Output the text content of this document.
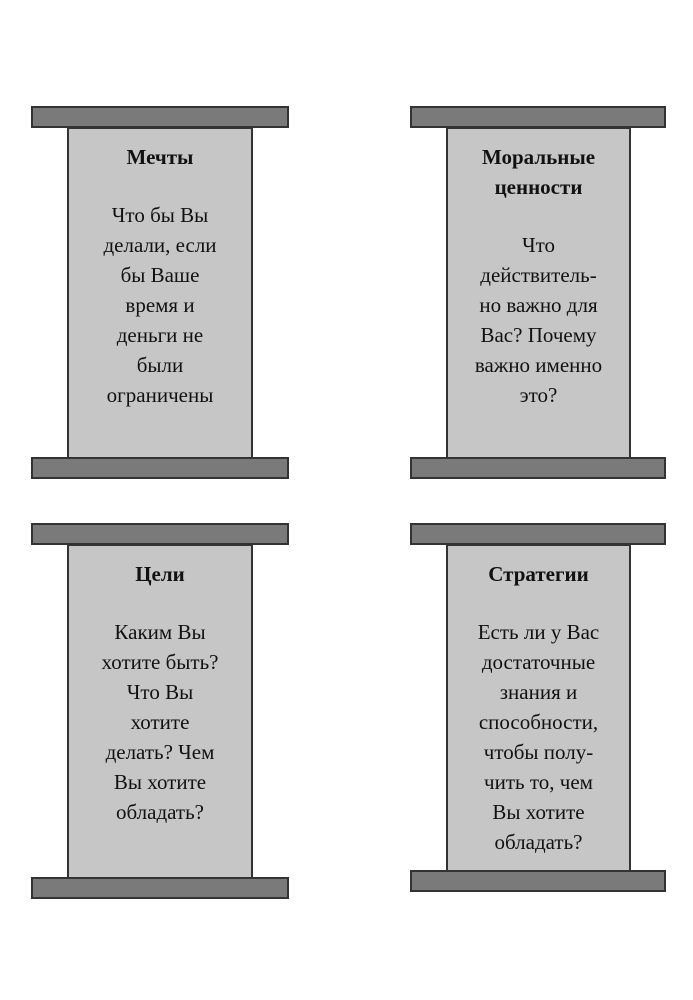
Мечты
Что бы Вы
делали, если
бы Ваше
время и
деньги не
были
ограничены
Моральные
ценности
Что
действитель-
но важно для
Вас? Почему
важно именно
это?
Цели
Каким Вы
хотите быть?
Что Вы
хотите
делать? Чем
Вы хотите
обладать?
Стратегии
Есть ли у Вас
достаточные
знания и
способности,
чтобы полу-
чить то, чем
Вы хотите
обладать?
